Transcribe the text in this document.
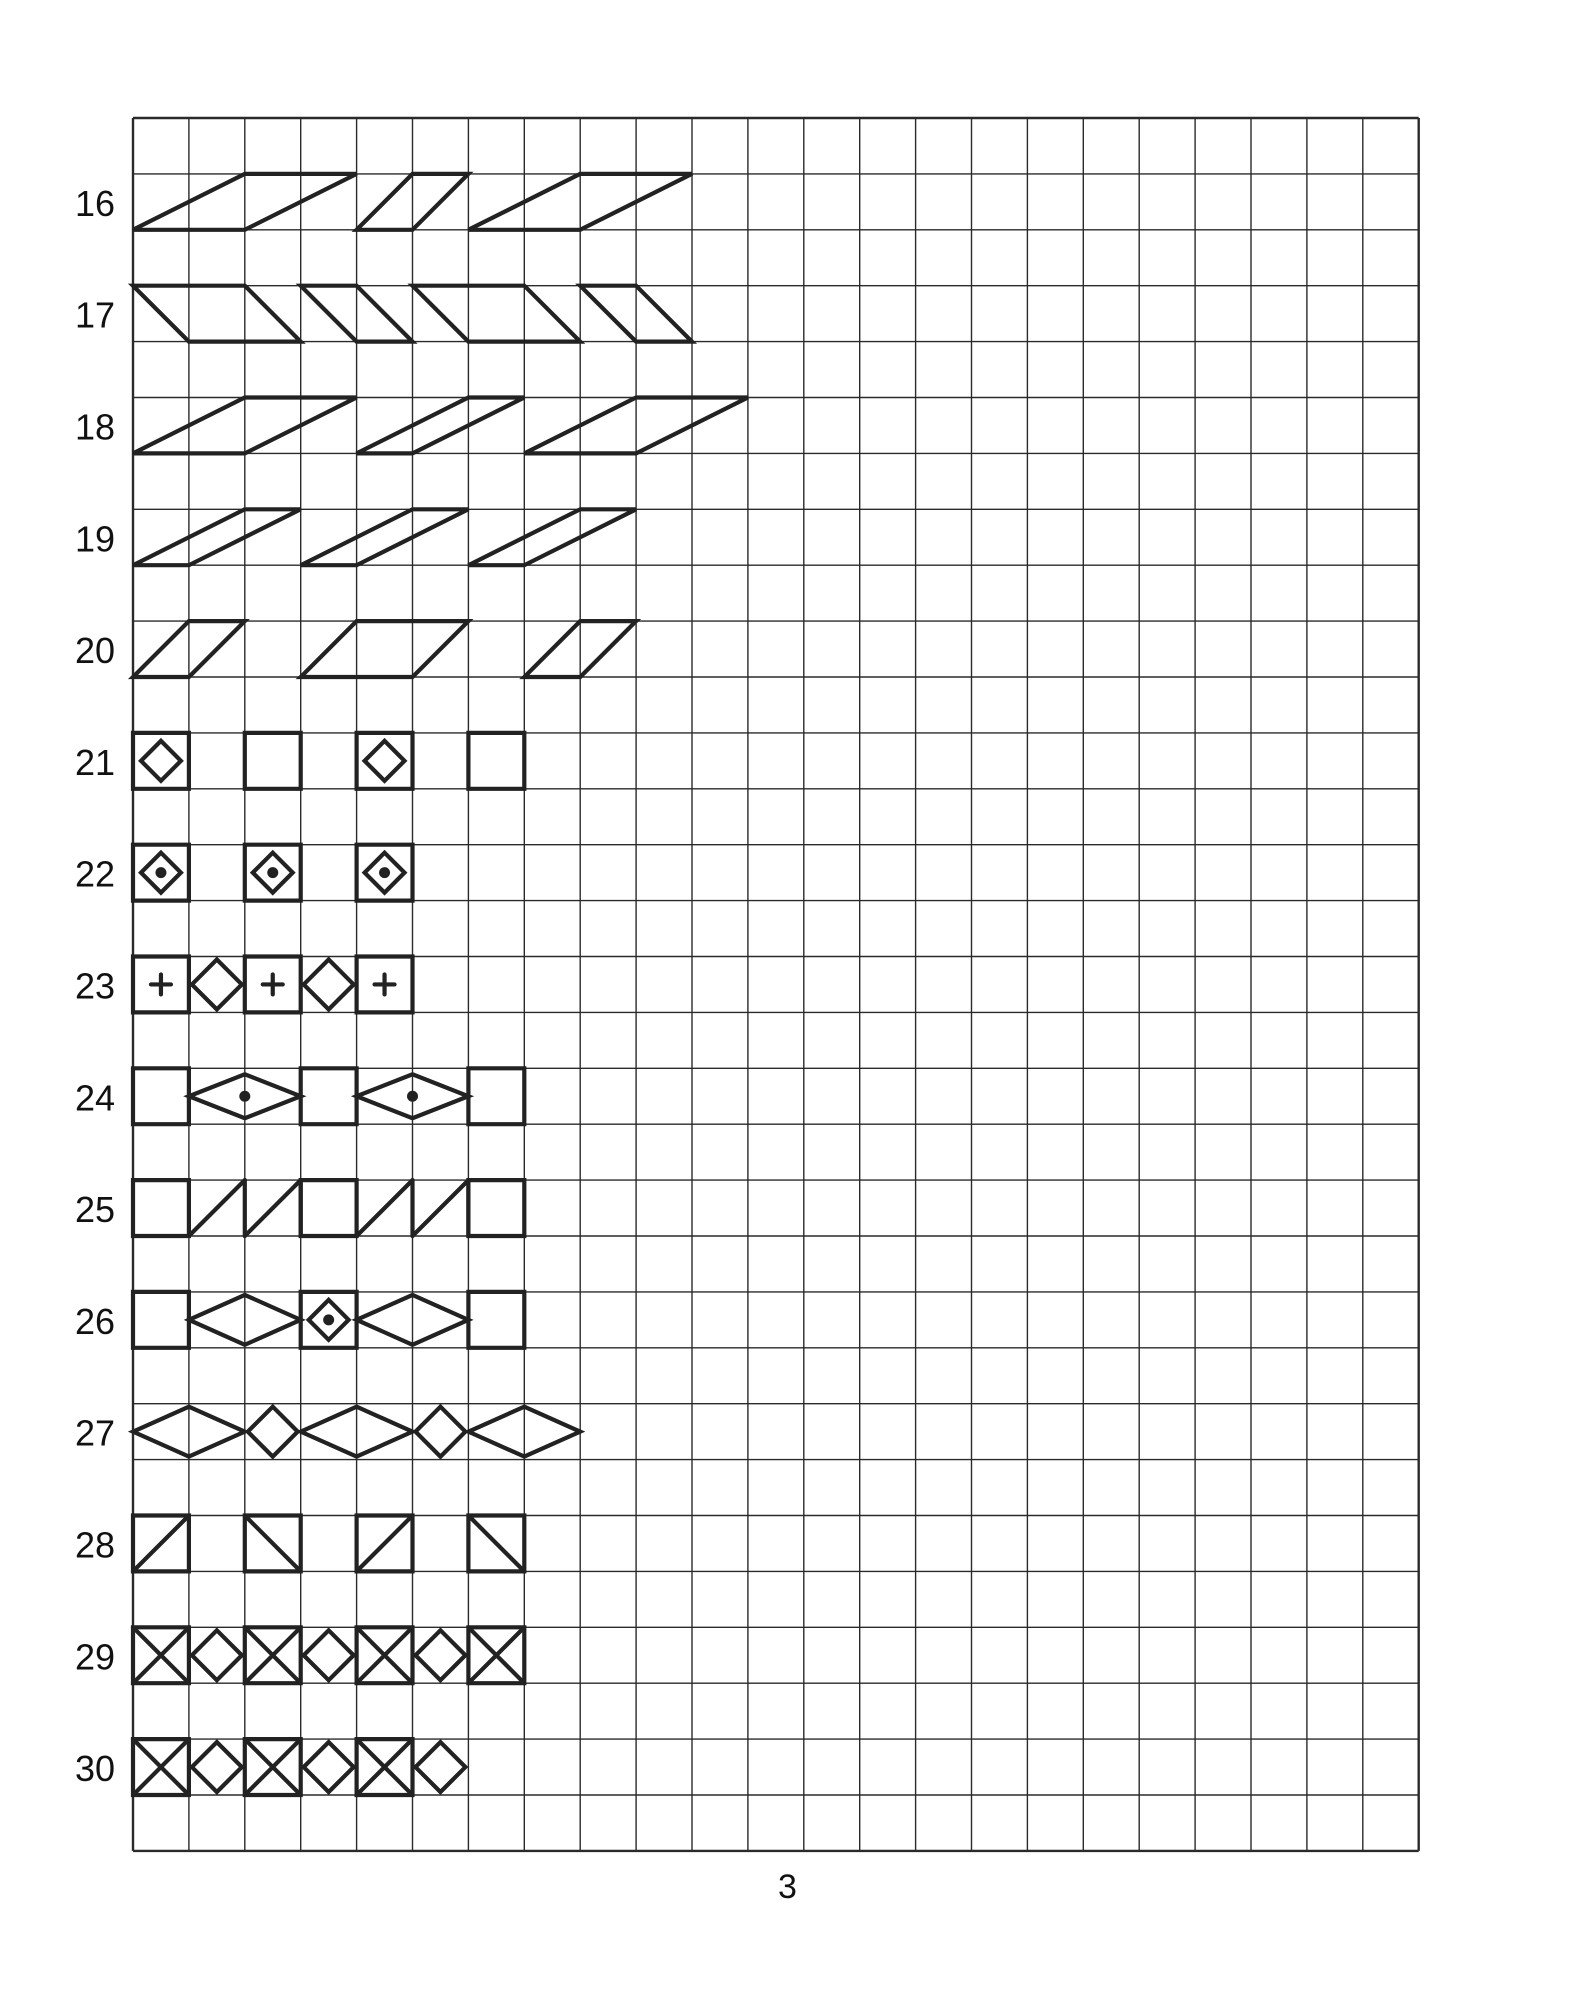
16
17
18
19
20
21
22
23
24
25
26
27
28
29
30
3
